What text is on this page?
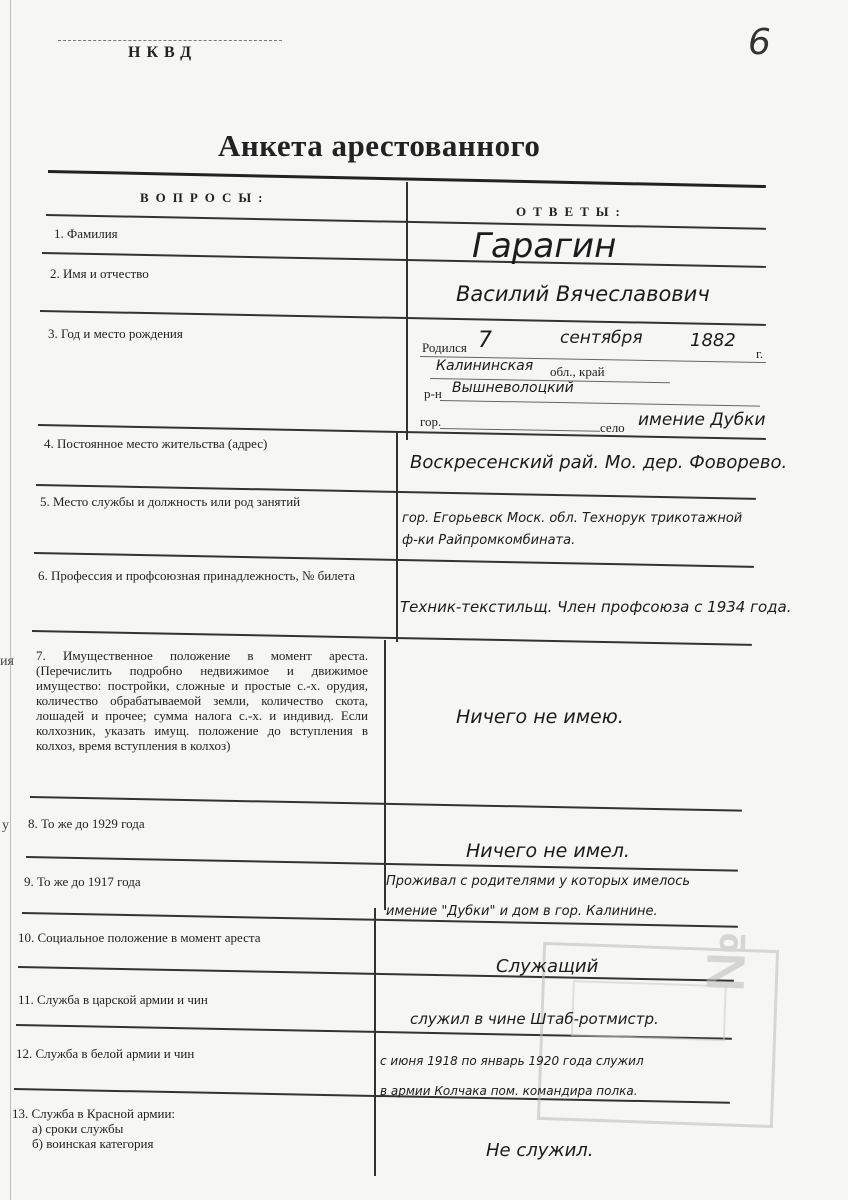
ия
у
НКВД	6
Анкета арестованного
ВОПРОСЫ:
ОТВЕТЫ:
№
1. Фамилия	Гарагин
2. Имя и отчество
Василий Вячеславович
3. Год и место рождения
Родился 7	сентября	1882
г.
Калининская обл., край
р-н Вышневолоцкий
гор.	село имение Дубки
4. Постоянное место жительства (адрес)
Воскресенский рай. Мо. дер. Фоворево.
5. Место службы и должность или род занятий
гор. Егорьевск Моск. обл. Технорук трикотажной ф-ки Райпромкомбината.
6. Профессия и профсоюзная принадлежность, № билета
Техник-текстильщ. Член профсоюза с 1934 года.
7. Имущественное положение в момент ареста. (Перечислить подробно недвижимое и движимое имущество: постройки, сложные и простые с.-х. орудия, количество обрабатываемой земли, количество скота, лошадей и прочее; сумма налога с.-х. и индивид. Если колхозник, указать имущ. положение до вступления в колхоз, время вступления в колхоз)
Ничего не имею.
8. То же до 1929 года
Ничего не имел.
9. То же до 1917 года	Проживал с родителями у которых имелось
имение "Дубки" и дом в гор. Калинине.
10. Социальное положение в момент ареста
Служащий
11. Служба в царской армии и чин
служил в чине Штаб-ротмистр.
12. Служба в белой армии и чин	с июня 1918 по январь 1920 года служил
в армии Колчака пом. командира полка.
13. Служба в Красной армии:
а) сроки службы
б) воинская категория	Не служил.
